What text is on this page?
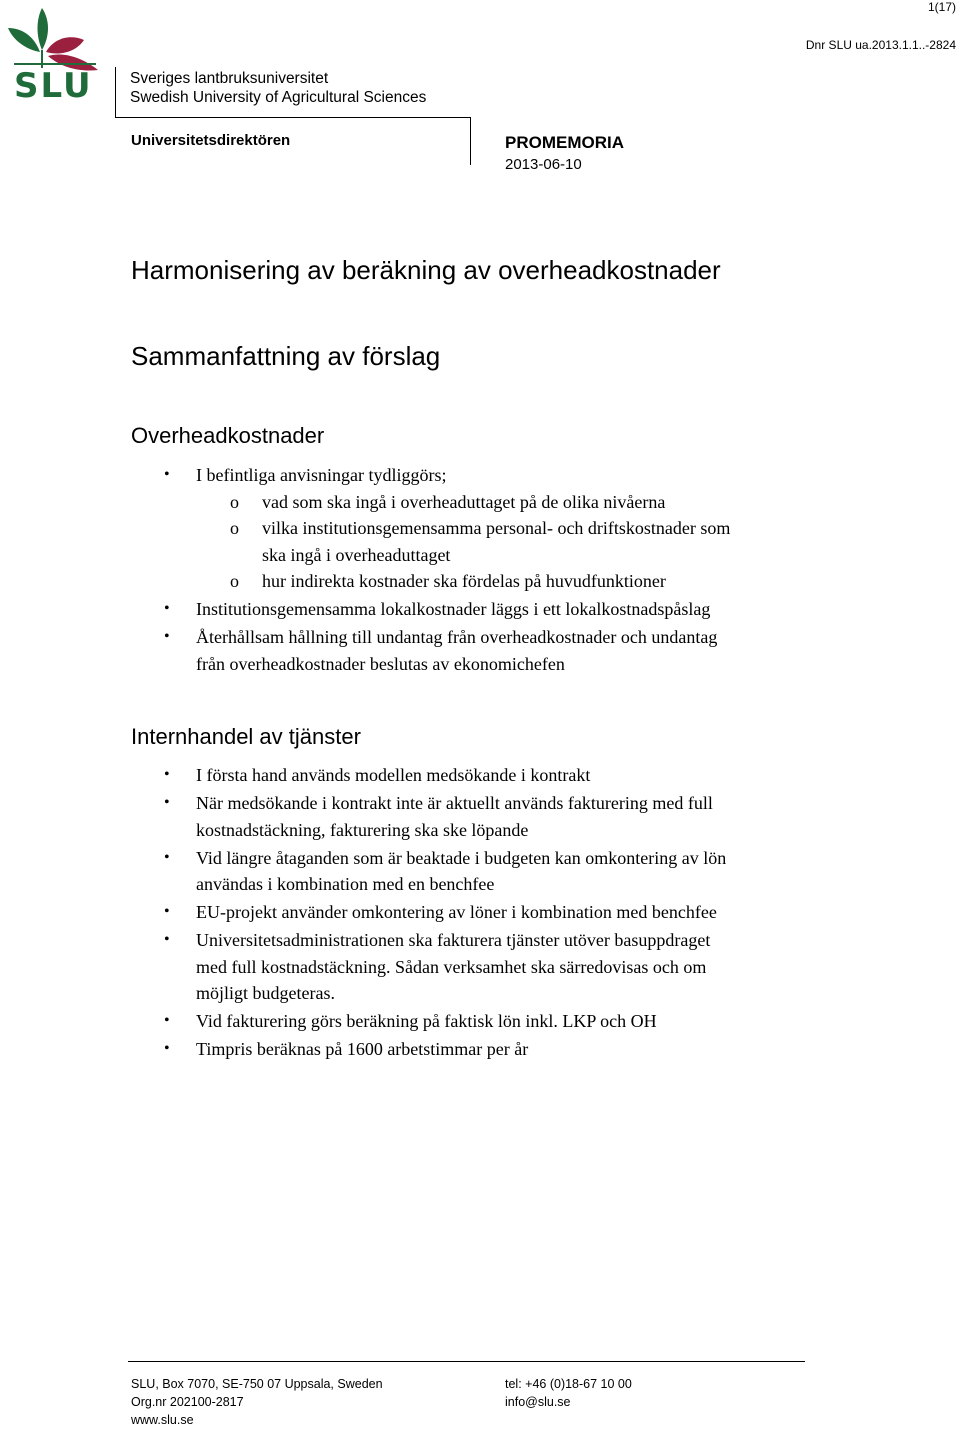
1(17)
Dnr SLU ua.2013.1.1..-2824
SLU Sveriges lantbruksuniversitet
Swedish University of Agricultural Sciences
Universitetsdirektören	PROMEMORIA
2013-06-10
Harmonisering av beräkning av overheadkostnader
Sammanfattning av förslag
Overheadkostnader
• I befintliga anvisningar tydliggörs;
o vad som ska ingå i overheaduttaget på de olika nivåerna
o vilka institutionsgemensamma personal- och driftskostnader som
ska ingå i overheaduttaget
o hur indirekta kostnader ska fördelas på huvudfunktioner
• Institutionsgemensamma lokalkostnader läggs i ett lokalkostnadspåslag
• Återhållsam hållning till undantag från overheadkostnader och undantag
från overheadkostnader beslutas av ekonomichefen
Internhandel av tjänster
• I första hand används modellen medsökande i kontrakt
• När medsökande i kontrakt inte är aktuellt används fakturering med full
kostnadstäckning, fakturering ska ske löpande
• Vid längre åtaganden som är beaktade i budgeten kan omkontering av lön
användas i kombination med en benchfee
• EU-projekt använder omkontering av löner i kombination med benchfee
• Universitetsadministrationen ska fakturera tjänster utöver basuppdraget
med full kostnadstäckning. Sådan verksamhet ska särredovisas och om
möjligt budgeteras.
• Vid fakturering görs beräkning på faktisk lön inkl. LKP och OH
• Timpris beräknas på 1600 arbetstimmar per år
SLU, Box 7070, SE-750 07 Uppsala, Sweden
Org.nr 202100-2817
www.slu.se
tel: +46 (0)18-67 10 00
info@slu.se
